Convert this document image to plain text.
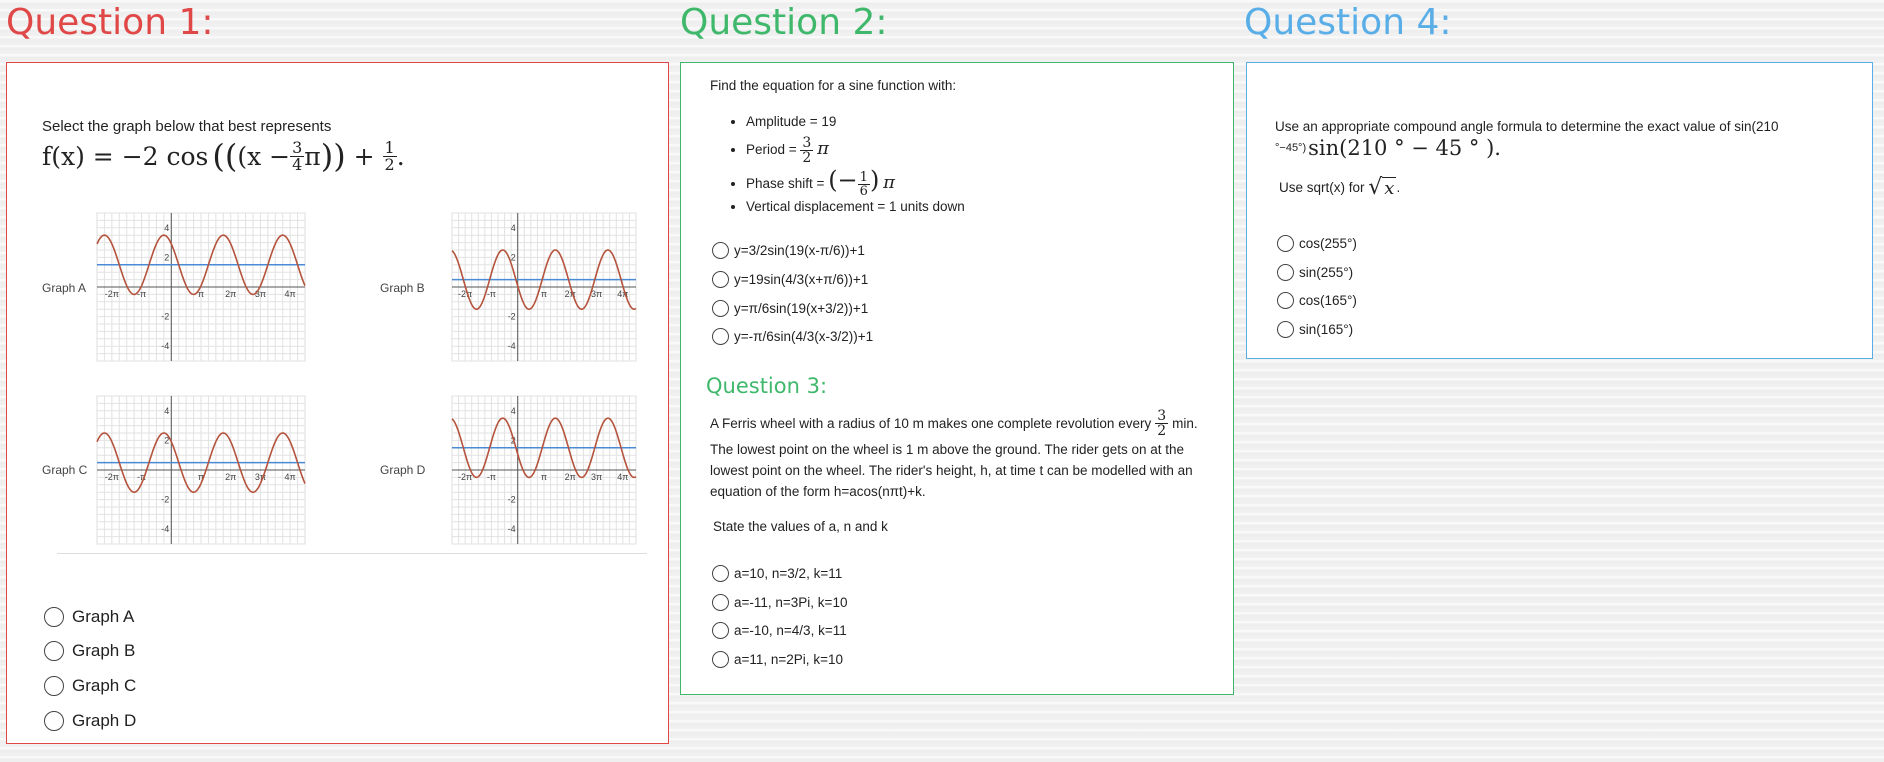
Question 1:	Question 2:	Question 4:
Select the graph below that best represents
f(x) = −2 cos (( ($x - \frac{3}{4}$ π )) + $\frac{1}{2}$ .
Graph A	Graph B
Graph C	Graph D
4
2
-2
-4
-2π -π	π 2π 3π 4π
4
2
-2
-4
-2π -π	π 2π 3π 4π
4
2
-2
-4
-2π -π	π 2π 3π 4π
4
2
-2
-4
-2π -π	π 2π 3π 4π
Graph A
Graph B
Graph C
Graph D
Find the equation for a sine function with:
• Amplitude = 19
• Period = $\frac{3}{2}$ π
• Phase shift = (− $\frac{1}{6}$ ) π
• Vertical displacement = 1 units down
y=3/2sin(19(x-π/6))+1
y=19sin(4/3(x+π/6))+1
y=π/6sin(19(x+3/2))+1
y=-π/6sin(4/3(x-3/2))+1
Question 3:
A Ferris wheel with a radius of 10 m makes one complete revolution every $\frac{3}{2} \min$.
The lowest point on the wheel is 1 m above the ground. The rider gets on at the
lowest point on the wheel. The rider's height, h, at time t can be modelled with an
equation of the form h=acos(nπt)+k.
State the values of a, n and k
a=10, n=3/2, k=11
a=-11, n=3Pi, k=10
a=-10, n=4/3, k=11
a=11, n=2Pi, k=10
Use an appropriate compound angle formula to determine the exact value of sin(210
°−45°) sin(210 ° − 45 ° ).
Use sqrt(x) for √ x .
cos(255°)
sin(255°)
cos(165°)
sin(165°)
